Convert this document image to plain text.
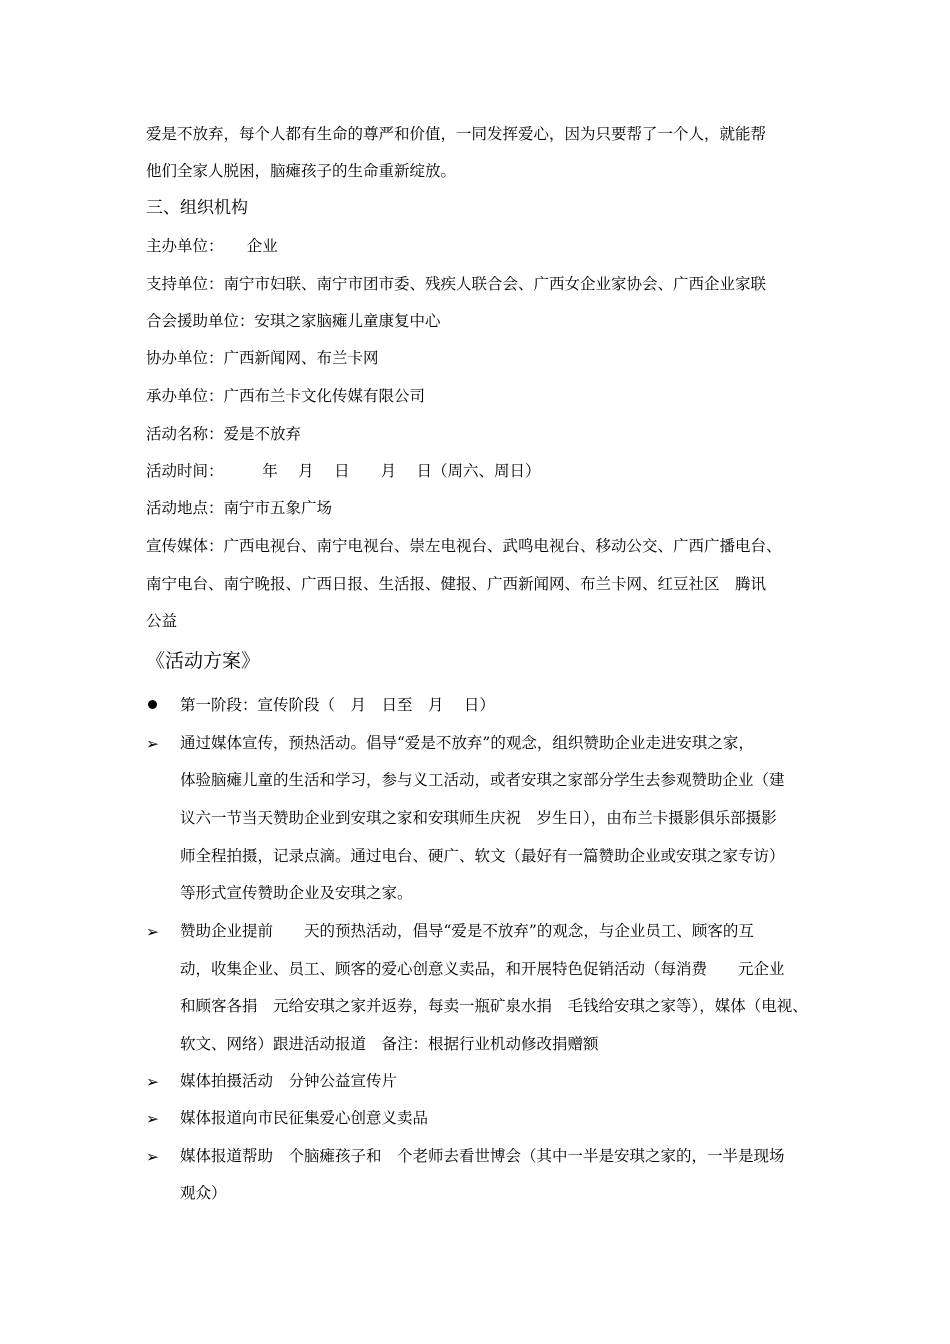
爱是不放弃，每个人都有生命的尊严和价值，一同发挥爱心，因为只要帮了一个人，就能帮
他们全家人脱困，脑瘫孩子的生命重新绽放。
三、组织机构
主办单位：　　企业
支持单位：南宁市妇联、南宁市团市委、残疾人联合会、广西女企业家协会、广西企业家联
合会援助单位：安琪之家脑瘫儿童康复中心
协办单位：广西新闻网、布兰卡网
承办单位：广西布兰卡文化传媒有限公司
活动名称：爱是不放弃
活动时间：　　　年　 月　 日　　月　 日（周六、周日）
活动地点：南宁市五象广场
宣传媒体：广西电视台、南宁电视台、崇左电视台、武鸣电视台、移动公交、广西广播电台、
南宁电台、南宁晚报、广西日报、生活报、健报、广西新闻网、布兰卡网、红豆社区　腾讯
公益
《活动方案》
第一阶段：宣传阶段（　月　日至　月　 日）
➢ 通过媒体宣传，预热活动。倡导“爱是不放弃”的观念，组织赞助企业走进安琪之家，
体验脑瘫儿童的生活和学习，参与义工活动，或者安琪之家部分学生去参观赞助企业（建
议六一节当天赞助企业到安琪之家和安琪师生庆祝　岁生日），由布兰卡摄影俱乐部摄影
师全程拍摄，记录点滴。通过电台、硬广、软文（最好有一篇赞助企业或安琪之家专访）
等形式宣传赞助企业及安琪之家。
➢ 赞助企业提前　　天的预热活动，倡导“爱是不放弃”的观念，与企业员工、顾客的互
动，收集企业、员工、顾客的爱心创意义卖品，和开展特色促销活动（每消费　　元企业
和顾客各捐　元给安琪之家并返券，每卖一瓶矿泉水捐　毛钱给安琪之家等），媒体（电视、
软文、网络）跟进活动报道　备注：根据行业机动修改捐赠额
➢ 媒体拍摄活动　分钟公益宣传片
➢ 媒体报道向市民征集爱心创意义卖品
➢ 媒体报道帮助　个脑瘫孩子和　个老师去看世博会（其中一半是安琪之家的，一半是现场
观众）
